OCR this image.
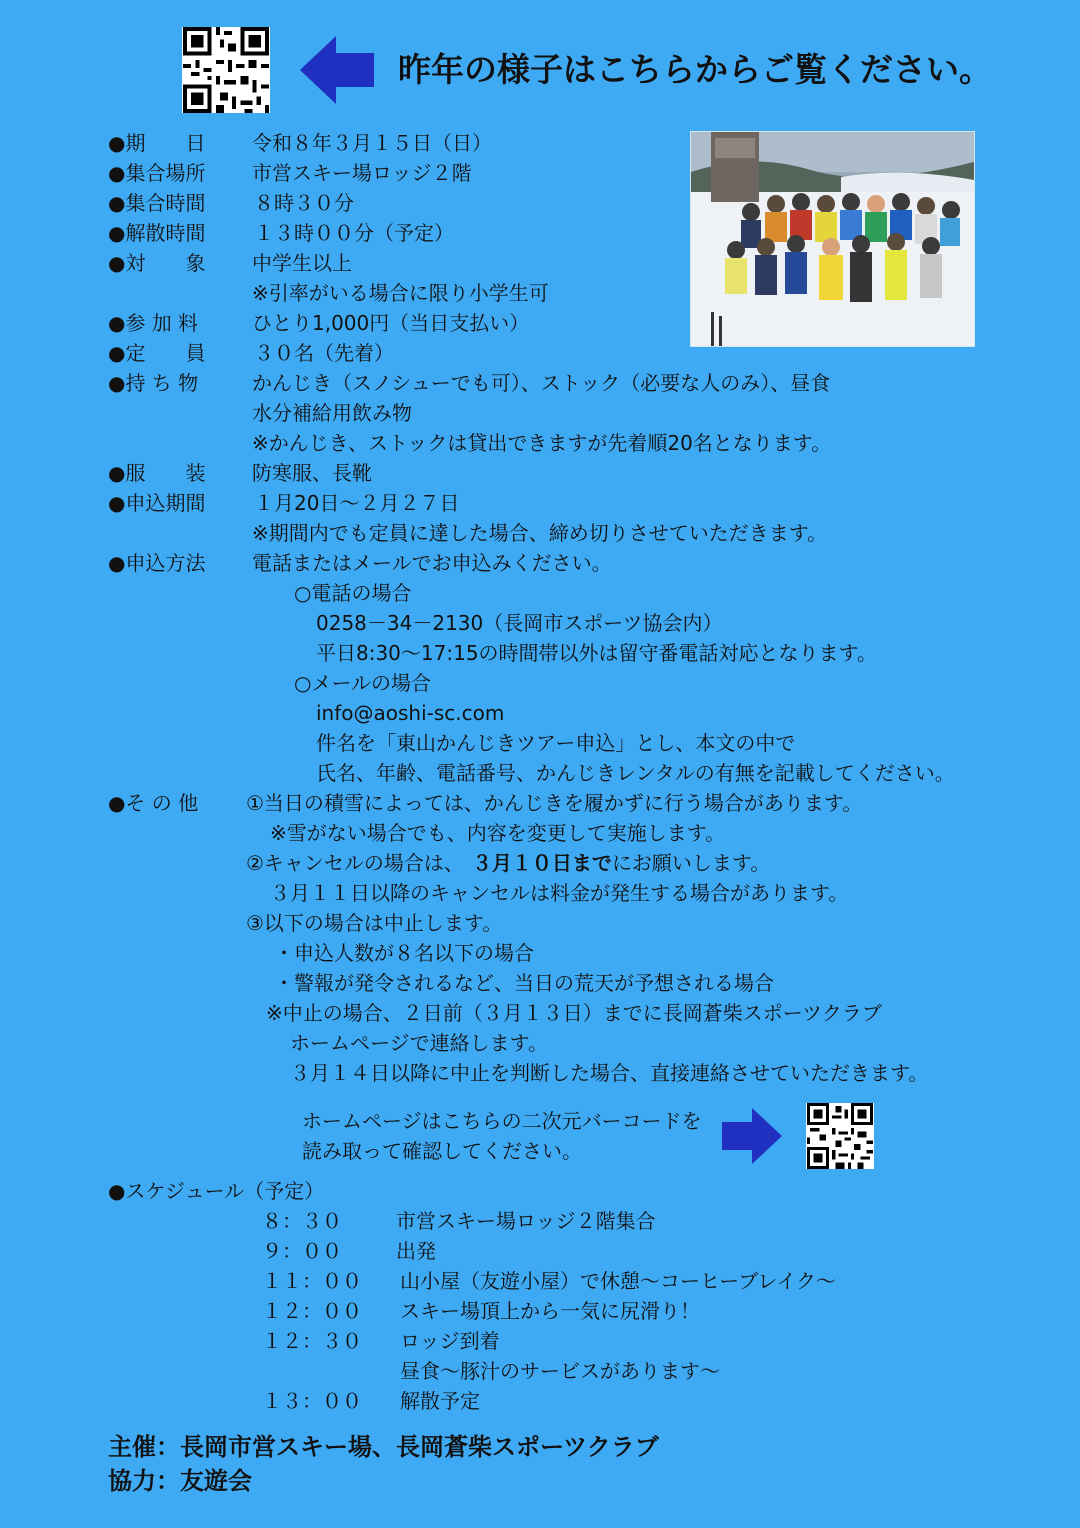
昨年の様子はこちらからご覧ください。
●期　　日 令和８年３月１５日（日）
●集合場所 市営スキー場ロッジ２階
●集合時間 ８時３０分
●解散時間 １３時００分（予定）
●対　　象 中学生以上
※引率がいる場合に限り小学生可
●参 加 料	ひとり1,000円（当日支払い）
●定　　員 ３０名（先着）
●持 ち 物	かんじき（スノシューでも可）、ストック（必要な人のみ）、昼食
水分補給用飲み物
※かんじき、ストックは貸出できますが先着順20名となります。
●服　　装 防寒服、長靴
●申込期間 １月20日～２月２７日
※期間内でも定員に達した場合、締め切りさせていただきます。
●申込方法 電話またはメールでお申込みください。
○電話の場合
0258－34－2130（長岡市スポーツ協会内）
平日8:30～17:15の時間帯以外は留守番電話対応となります。
○メールの場合
info@aoshi-sc.com
件名を「東山かんじきツアー申込」とし、本文の中で
氏名、年齢、電話番号、かんじきレンタルの有無を記載してください。
●そ の 他 ①当日の積雪によっては、かんじきを履かずに行う場合があります。
※雪がない場合でも、内容を変更して実施します。
②キャンセルの場合は、 ３月１０日までにお願いします。
３月１１日以降のキャンセルは料金が発生する場合があります。
③以下の場合は中止します。
・申込人数が８名以下の場合
・警報が発令されるなど、当日の荒天が予想される場合
※中止の場合、２日前（３月１３日）までに長岡蒼柴スポーツクラブ
ホームページで連絡します。
３月１４日以降に中止を判断した場合、直接連絡させていただきます。
ホームページはこちらの二次元バーコードを
読み取って確認してください。
●スケジュール（予定）
８：３０	市営スキー場ロッジ２階集合
９：００	出発
１１：００ 山小屋（友遊小屋）で休憩～コーヒーブレイク～
１２：００ スキー場頂上から一気に尻滑り！
１２：３０ ロッジ到着
昼食～豚汁のサービスがあります～
１３：００ 解散予定
主催：長岡市営スキー場、長岡蒼柴スポーツクラブ
協力：友遊会
